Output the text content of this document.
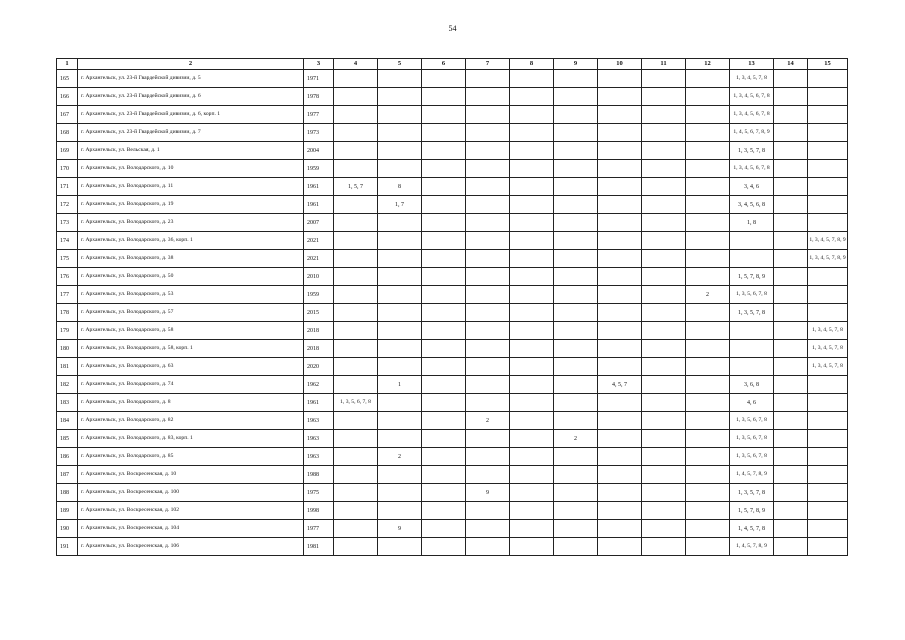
54
1	2	3	4	5	6	7	8	9	10	11	12	13	14	15
165	г. Архангельск, ул. 23-й Гвардейской дивизии, д. 5	1971										1, 3, 4, 5, 7, 8		
166	г. Архангельск, ул. 23-й Гвардейской дивизии, д. 6	1978										1, 3, 4, 5, 6, 7, 8		
167	г. Архангельск, ул. 23-й Гвардейской дивизии, д. 6, корп. 1	1977										1, 3, 4, 5, 6, 7, 8		
168	г. Архангельск, ул. 23-й Гвардейской дивизии, д. 7	1973										1, 4, 5, 6, 7, 8, 9		
169	г. Архангельск, ул. Вельская, д. 1	2004										1, 3, 5, 7, 8		
170	г. Архангельск, ул. Володарского, д. 10	1959										1, 3, 4, 5, 6, 7, 8		
171	г. Архангельск, ул. Володарского, д. 11	1961	1, 5, 7	8								3, 4, 6		
172	г. Архангельск, ул. Володарского, д. 19	1961		1, 7								3, 4, 5, 6, 8		
173	г. Архангельск, ул. Володарского, д. 23	2007										1, 8		
174	г. Архангельск, ул. Володарского, д. 36, корп. 1	2021												1, 3, 4, 5, 7, 8, 9
175	г. Архангельск, ул. Володарского, д. 38	2021												1, 3, 4, 5, 7, 8, 9
176	г. Архангельск, ул. Володарского, д. 50	2010										1, 5, 7, 8, 9		
177	г. Архангельск, ул. Володарского, д. 53	1959									2	1, 3, 5, 6, 7, 8		
178	г. Архангельск, ул. Володарского, д. 57	2015										1, 3, 5, 7, 8		
179	г. Архангельск, ул. Володарского, д. 58	2018												1, 3, 4, 5, 7, 8
180	г. Архангельск, ул. Володарского, д. 58, корп. 1	2018												1, 3, 4, 5, 7, 8
181	г. Архангельск, ул. Володарского, д. 63	2020												1, 3, 4, 5, 7, 8
182	г. Архангельск, ул. Володарского, д. 74	1962		1					4, 5, 7			3, 6, 8		
183	г. Архангельск, ул. Володарского, д. 8	1961	1, 3, 5, 6, 7, 8									4, 6		
184	г. Архангельск, ул. Володарского, д. 82	1963				2						1, 3, 5, 6, 7, 8		
185	г. Архангельск, ул. Володарского, д. 83, корп. 1	1963						2				1, 3, 5, 6, 7, 8		
186	г. Архангельск, ул. Володарского, д. 85	1963		2								1, 3, 5, 6, 7, 8		
187	г. Архангельск, ул. Воскресенская, д. 10	1988										1, 4, 5, 7, 8, 9		
188	г. Архангельск, ул. Воскресенская, д. 100	1975				9						1, 3, 5, 7, 8		
189	г. Архангельск, ул. Воскресенская, д. 102	1998										1, 5, 7, 8, 9		
190	г. Архангельск, ул. Воскресенская, д. 104	1977		9								1, 4, 5, 7, 8		
191	г. Архангельск, ул. Воскресенская, д. 106	1981										1, 4, 5, 7, 8, 9		
